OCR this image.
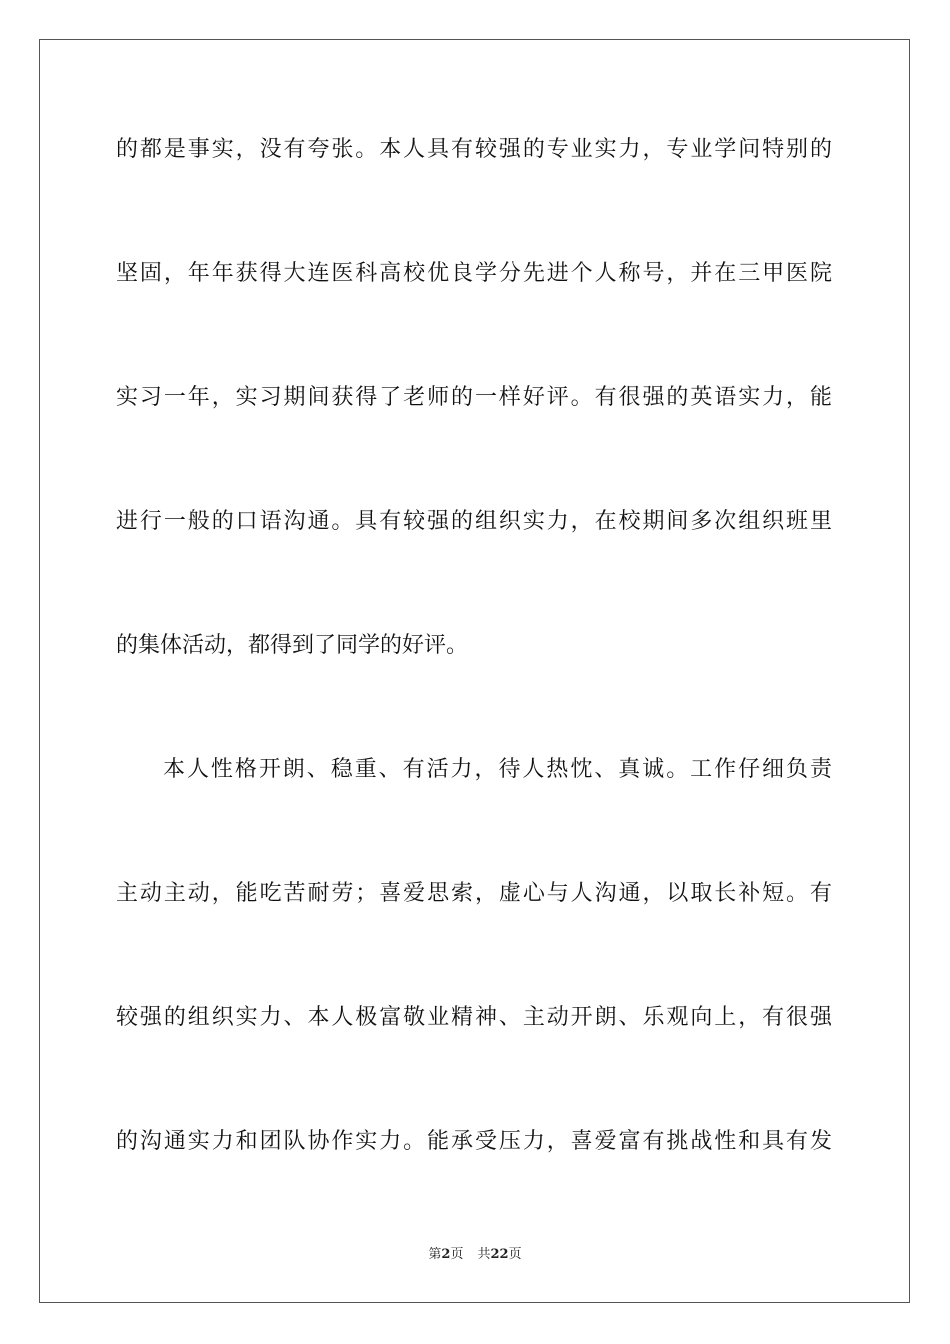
的都是事实，没有夸张。本人具有较强的专业实力，专业学问特别的
坚固，年年获得大连医科高校优良学分先进个人称号，并在三甲医院
实习一年，实习期间获得了老师的一样好评。有很强的英语实力，能
进行一般的口语沟通。具有较强的组织实力，在校期间多次组织班里
的集体活动，都得到了同学的好评。
本人性格开朗、稳重、有活力，待人热忱、真诚。工作仔细负责
主动主动，能吃苦耐劳；喜爱思索，虚心与人沟通，以取长补短。有
较强的组织实力、本人极富敬业精神、主动开朗、乐观向上，有很强
的沟通实力和团队协作实力。能承受压力，喜爱富有挑战性和具有发
第2页 共22页
